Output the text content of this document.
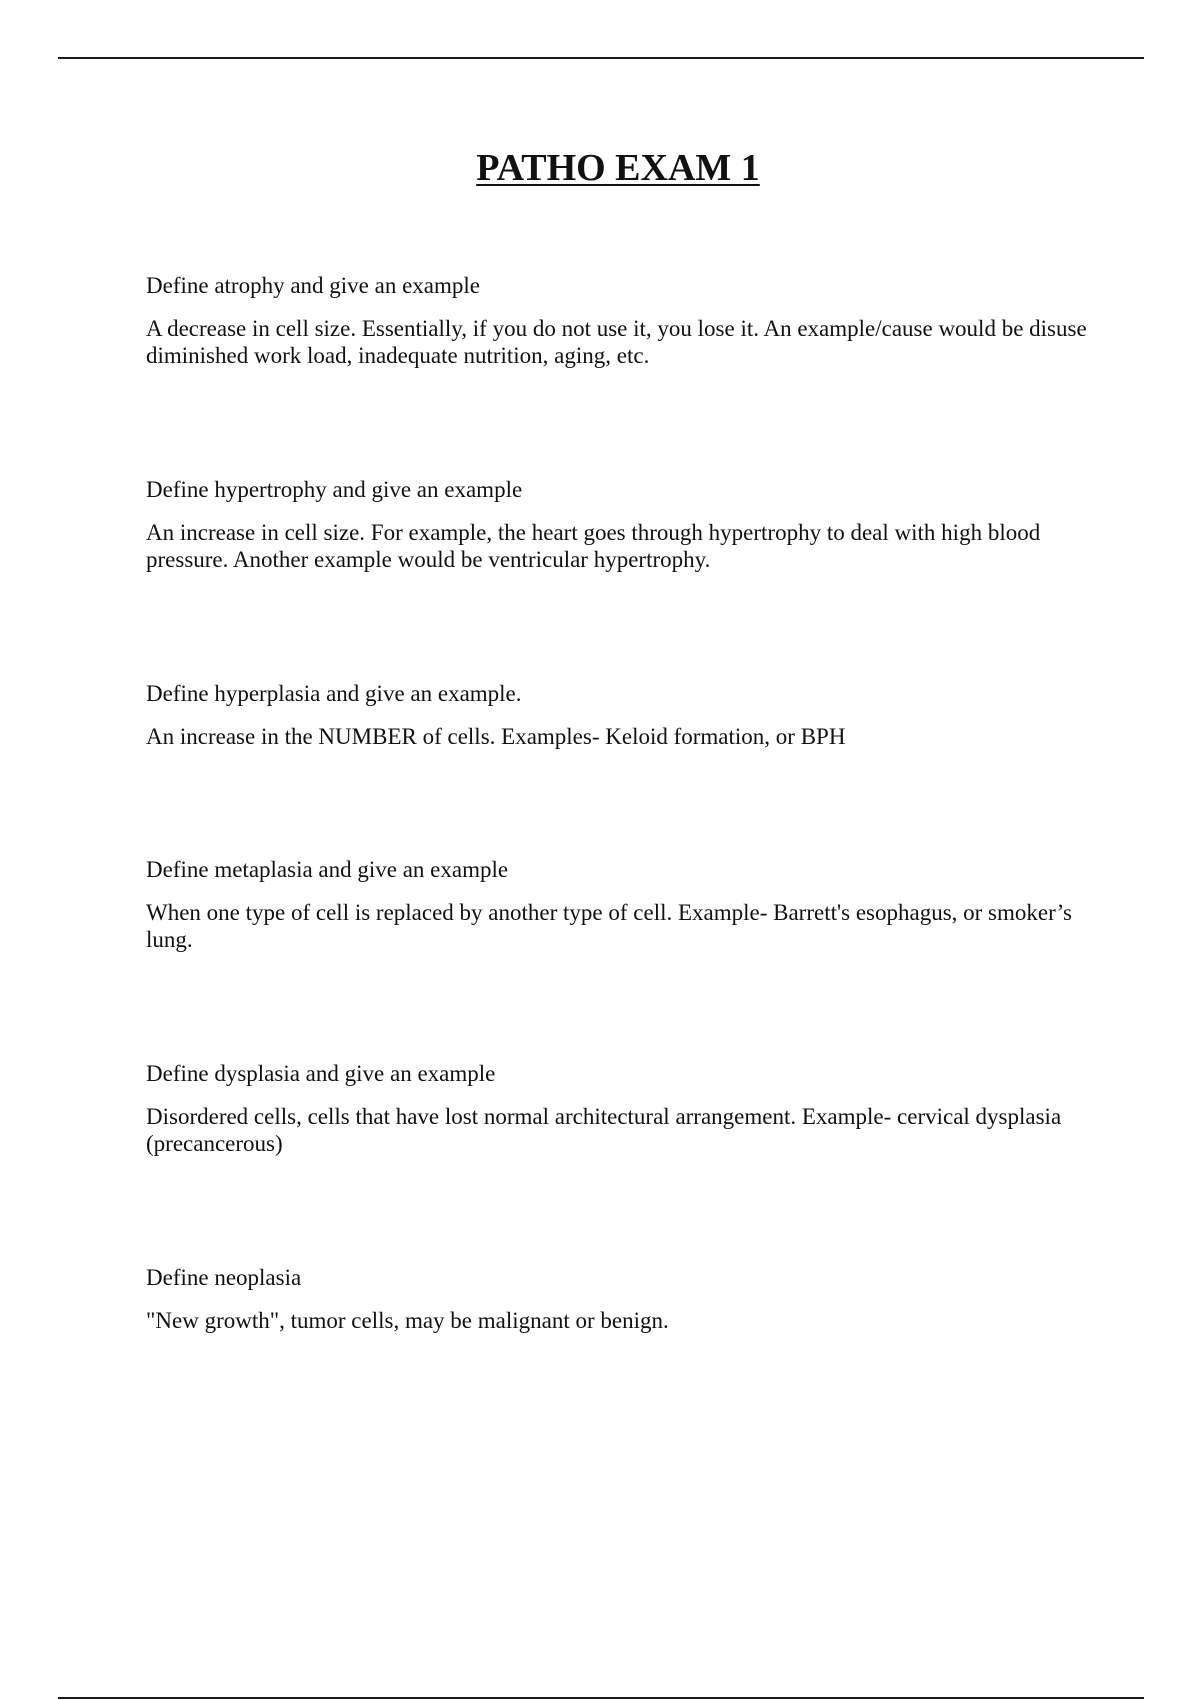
PATHO EXAM 1

Define atrophy and give an example

A decrease in cell size. Essentially, if you do not use it, you lose it. An example/cause would be disuse diminished work load, inadequate nutrition, aging, etc.

Define hypertrophy and give an example

An increase in cell size. For example, the heart goes through hypertrophy to deal with high blood pressure. Another example would be ventricular hypertrophy.

Define hyperplasia and give an example.

An increase in the NUMBER of cells. Examples- Keloid formation, or BPH

Define metaplasia and give an example

When one type of cell is replaced by another type of cell. Example- Barrett's esophagus, or smoker’s lung.

Define dysplasia and give an example

Disordered cells, cells that have lost normal architectural arrangement. Example- cervical dysplasia (precancerous)

Define neoplasia

"New growth", tumor cells, may be malignant or benign.
